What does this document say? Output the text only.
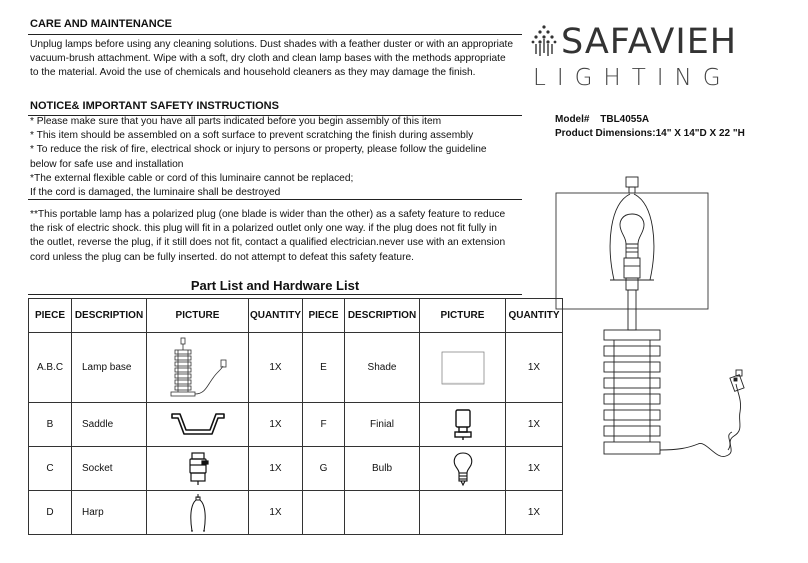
CARE AND MAINTENANCE
Unplug lamps before using any cleaning solutions. Dust shades with a feather duster or with an appropriate
vacuum-brush attachment. Wipe with a soft, dry cloth and clean lamp bases with the methods appropriate
to the material. Avoid the use of chemicals and household cleaners as they may damage the finish.
NOTICE& IMPORTANT SAFETY INSTRUCTIONS
* Please make sure that you have all parts indicated before you begin assembly of this item
* This item should be assembled on a soft surface to prevent scratching the finish during assembly
* To reduce the risk of fire, electrical shock or injury to persons or property, please follow the guideline
below for safe use and installation
*The external flexible cable or cord of this luminaire cannot be replaced;
If the cord is damaged, the luminaire shall be destroyed
**This portable lamp has a polarized plug (one blade is wider than the other) as a safety feature to reduce
the risk of electric shock. this plug will fit in a polarized outlet only one way. if the plug does not fit fully in
the outlet, reverse the plug, if it still does not fit, contact a qualified electrician.never use with an extension
cord unless the plug can be fully inserted. do not attempt to defeat this safety feature.
Part List and Hardware List
PIECE	DESCRIPTION	PICTURE	QUANTITY	PIECE	DESCRIPTION	PICTURE	QUANTITY
A.B.C	Lamp base		1X	E	Shade		1X
B	Saddle		1X	F	Finial		1X
C	Socket		1X	G	Bulb		1X
D	Harp		1X				1X
SAFAVIEH
LIGHTING
Model# TBL4055A
Product Dimensions:14" X 14"D X 22 "H
